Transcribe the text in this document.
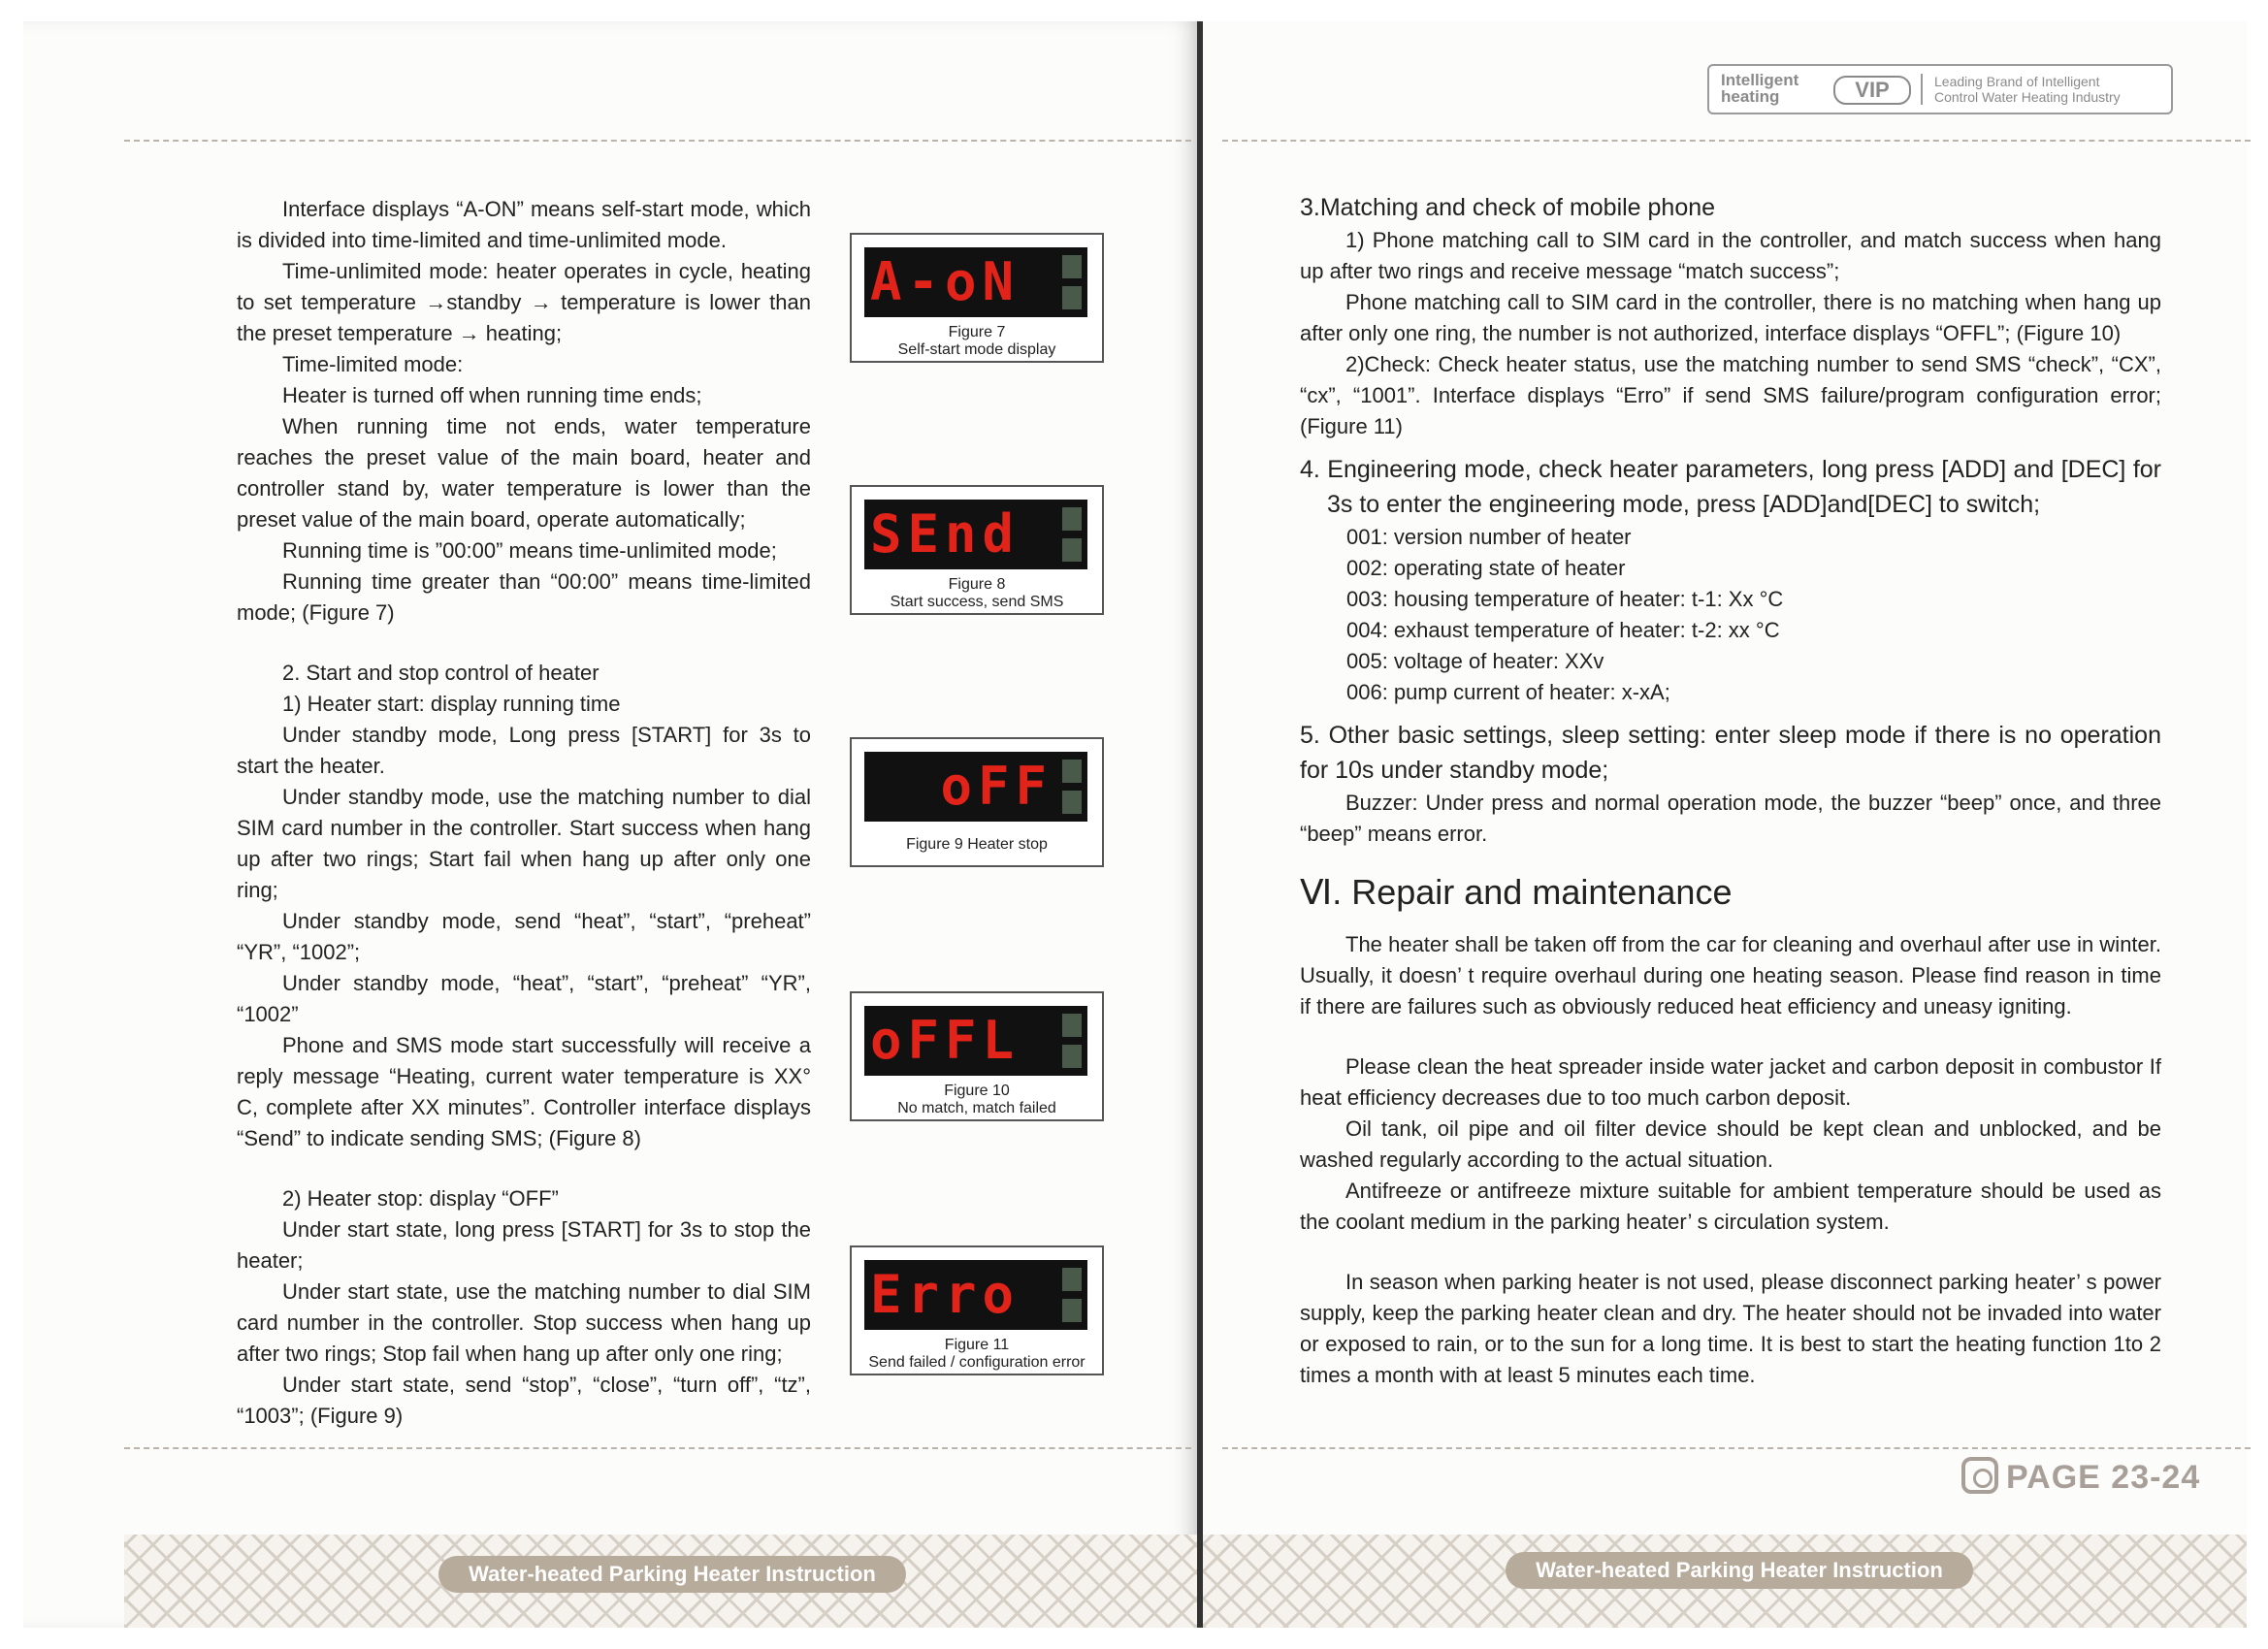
Interface displays “A-ON” means self-start mode, which is divided into time-limited and time-unlimited mode.

Time-unlimited mode: heater operates in cycle, heating to set temperature →standby → temperature is lower than the preset temperature → heating;

Time-limited mode:

Heater is turned off when running time ends;

When running time not ends, water temperature reaches the preset value of the main board, heater and controller stand by, water temperature is lower than the preset value of the main board, operate automatically;

Running time is ”00:00” means time-unlimited mode;

Running time greater than “00:00” means time-limited mode; (Figure 7)

2. Start and stop control of heater

1) Heater start: display running time

Under standby mode, Long press [START] for 3s to start the heater.

Under standby mode, use the matching number to dial SIM card number in the controller. Start success when hang up after two rings; Start fail when hang up after only one ring;

Under standby mode, send “heat”, “start”, “preheat” “YR”, “1002”;

Under standby mode, “heat”, “start”, “preheat” “YR”, “1002”

Phone and SMS mode start successfully will receive a reply message “Heating, current water temperature is XX° C, complete after XX minutes”. Controller interface displays “Send” to indicate sending SMS; (Figure 8)

2) Heater stop: display “OFF”

Under start state, long press [START] for 3s to stop the heater;

Under start state, use the matching number to dial SIM card number in the controller. Stop success when hang up after two rings; Stop fail when hang up after only one ring;

Under start state, send “stop”, “close”, “turn off”, “tz”, “1003”; (Figure 9)

A-oN
Figure 7
Self-start mode display
SEnd
Figure 8
Start success, send SMS
oFF
Figure 9 Heater stop
oFFL
Figure 10
No match, match failed
Erro
Figure 11
Send failed / configuration error
Water-heated Parking Heater Instruction
Intelligent
heating	VIP	Leading Brand of Intelligent
Control Water Heating Industry

3.Matching and check of mobile phone

1) Phone matching call to SIM card in the controller, and match success when hang up after two rings and receive message “match success”;

Phone matching call to SIM card in the controller, there is no matching when hang up after only one ring, the number is not authorized, interface displays “OFFL”; (Figure 10)

2)Check: Check heater status, use the matching number to send SMS “check”, “CX”, “cx”, “1001”. Interface displays “Erro” if send SMS failure/program configuration error; (Figure 11)

4. Engineering mode, check heater parameters, long press [ADD] and [DEC] for 3s to enter the engineering mode, press [ADD]and[DEC] to switch;

001: version number of heater

002: operating state of heater

003: housing temperature of heater: t-1: Xx °C

004: exhaust temperature of heater: t-2: xx °C

005: voltage of heater: XXv

006: pump current of heater: x-xA;

5. Other basic settings, sleep setting: enter sleep mode if there is no operation for 10s under standby mode;

Buzzer: Under press and normal operation mode, the buzzer “beep” once, and three “beep” means error.

Ⅵ. Repair and maintenance

The heater shall be taken off from the car for cleaning and overhaul after use in winter. Usually, it doesn’ t require overhaul during one heating season. Please find reason in time if there are failures such as obviously reduced heat efficiency and uneasy igniting.

Please clean the heat spreader inside water jacket and carbon deposit in combustor If heat efficiency decreases due to too much carbon deposit.

Oil tank, oil pipe and oil filter device should be kept clean and unblocked, and be washed regularly according to the actual situation.

Antifreeze or antifreeze mixture suitable for ambient temperature should be used as the coolant medium in the parking heater’ s circulation system.

In season when parking heater is not used, please disconnect parking heater’ s power supply, keep the parking heater clean and dry. The heater should not be invaded into water or exposed to rain, or to the sun for a long time. It is best to start the heating function 1to 2 times a month with at least 5 minutes each time.

PAGE 23-24
Water-heated Parking Heater Instruction
